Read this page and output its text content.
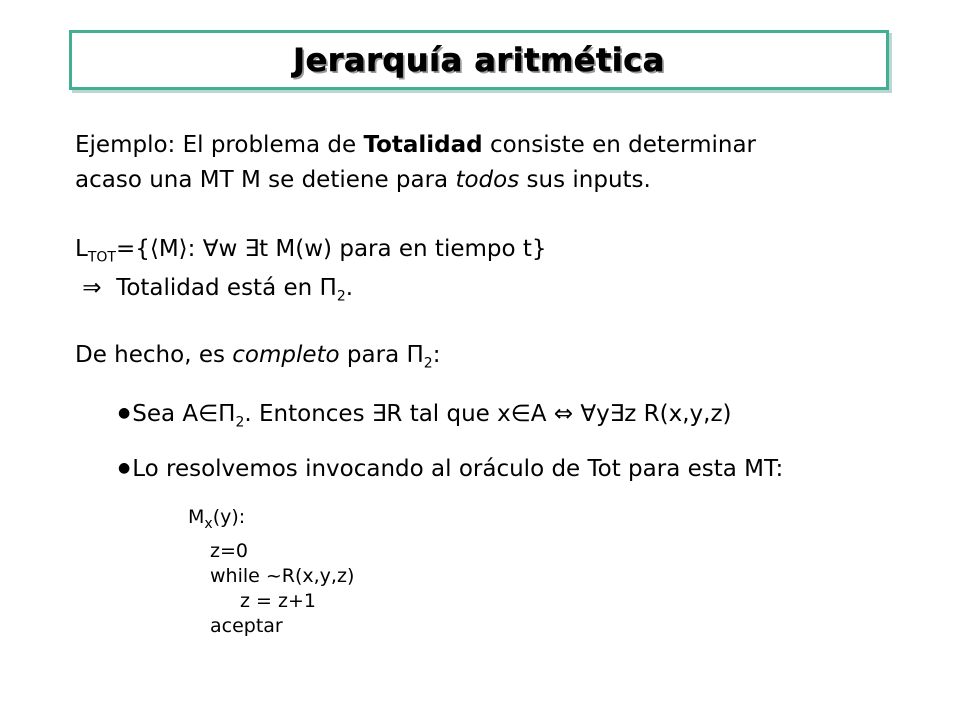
Jerarquía aritmética
Ejemplo: El problema de Totalidad consiste en determinar
acaso una MT M se detiene para todos sus inputs.
$L_{TOT}=\{⟨M⟩$: ∀w ∃t M(w) para en tiempo t}
⇒  Totalidad está en $\Pi_2$.
De hecho, es completo para $\Pi_2$:
●Sea $A\in\Pi_2$. Entonces ∃R tal que x∈A ⇔ ∀y∃z R(x,y,z)
●Lo resolvemos invocando al oráculo de Tot para esta MT:
$M_x(y)$:
z=0
while ~R(x,y,z)
z = z+1
aceptar
